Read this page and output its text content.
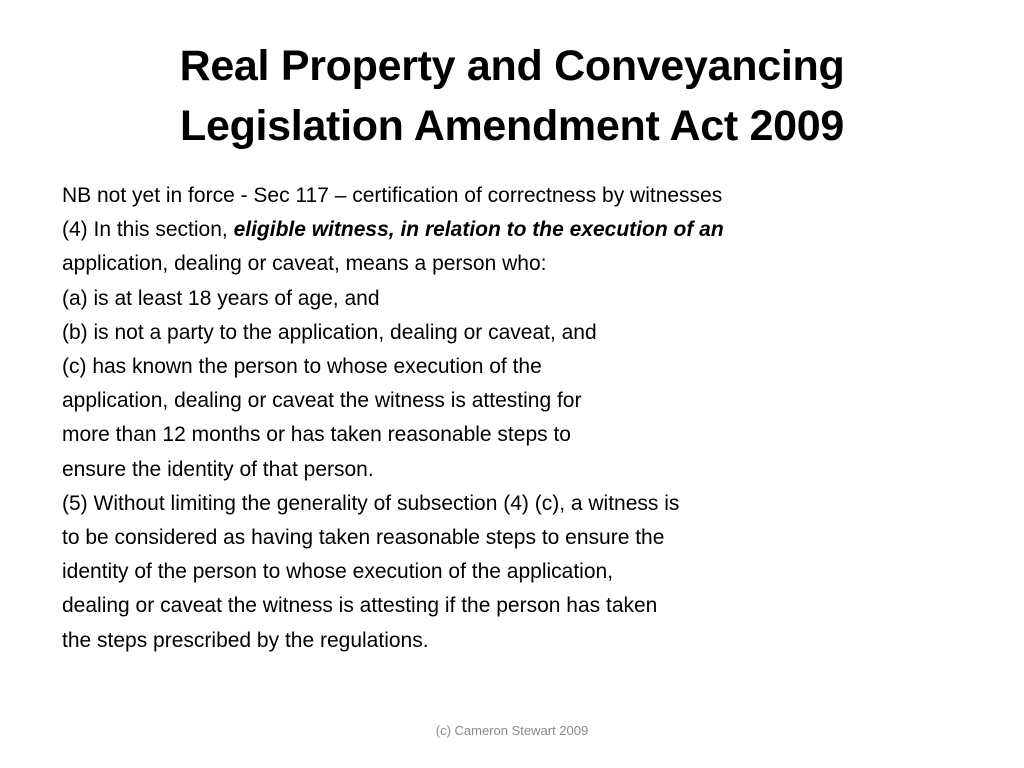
Real Property and Conveyancing
Legislation Amendment Act 2009
NB not yet in force - Sec 117 – certification of correctness by witnesses
(4) In this section, eligible witness, in relation to the execution of an
application, dealing or caveat, means a person who:
(a) is at least 18 years of age, and
(b) is not a party to the application, dealing or caveat, and
(c) has known the person to whose execution of the
application, dealing or caveat the witness is attesting for
more than 12 months or has taken reasonable steps to
ensure the identity of that person.
(5) Without limiting the generality of subsection (4) (c), a witness is
to be considered as having taken reasonable steps to ensure the
identity of the person to whose execution of the application,
dealing or caveat the witness is attesting if the person has taken
the steps prescribed by the regulations.
(c) Cameron Stewart 2009
